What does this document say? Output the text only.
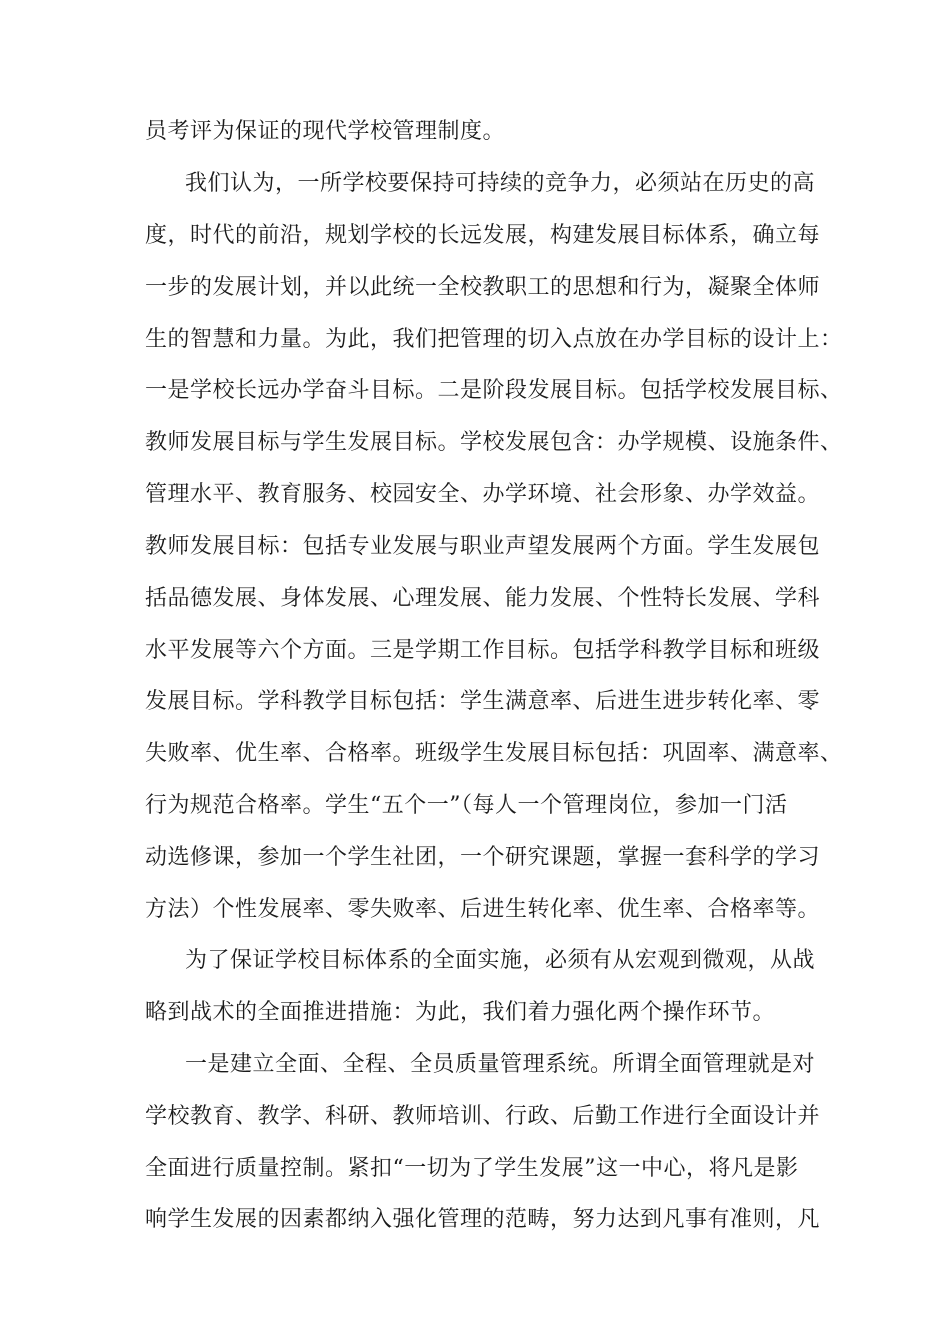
员考评为保证的现代学校管理制度。
我们认为，一所学校要保持可持续的竞争力，必须站在历史的高
度，时代的前沿，规划学校的长远发展，构建发展目标体系，确立每
一步的发展计划，并以此统一全校教职工的思想和行为，凝聚全体师
生的智慧和力量。为此，我们把管理的切入点放在办学目标的设计上：
一是学校长远办学奋斗目标。二是阶段发展目标。包括学校发展目标、
教师发展目标与学生发展目标。学校发展包含：办学规模、设施条件、
管理水平、教育服务、校园安全、办学环境、社会形象、办学效益。
教师发展目标：包括专业发展与职业声望发展两个方面。学生发展包
括品德发展、身体发展、心理发展、能力发展、个性特长发展、学科
水平发展等六个方面。三是学期工作目标。包括学科教学目标和班级
发展目标。学科教学目标包括：学生满意率、后进生进步转化率、零
失败率、优生率、合格率。班级学生发展目标包括：巩固率、满意率、
行为规范合格率。学生“五个一”（每人一个管理岗位，参加一门活
动选修课，参加一个学生社团，一个研究课题，掌握一套科学的学习
方法）个性发展率、零失败率、后进生转化率、优生率、合格率等。
为了保证学校目标体系的全面实施，必须有从宏观到微观，从战
略到战术的全面推进措施：为此，我们着力强化两个操作环节。
一是建立全面、全程、全员质量管理系统。所谓全面管理就是对
学校教育、教学、科研、教师培训、行政、后勤工作进行全面设计并
全面进行质量控制。紧扣“一切为了学生发展”这一中心，将凡是影
响学生发展的因素都纳入强化管理的范畴，努力达到凡事有准则，凡
